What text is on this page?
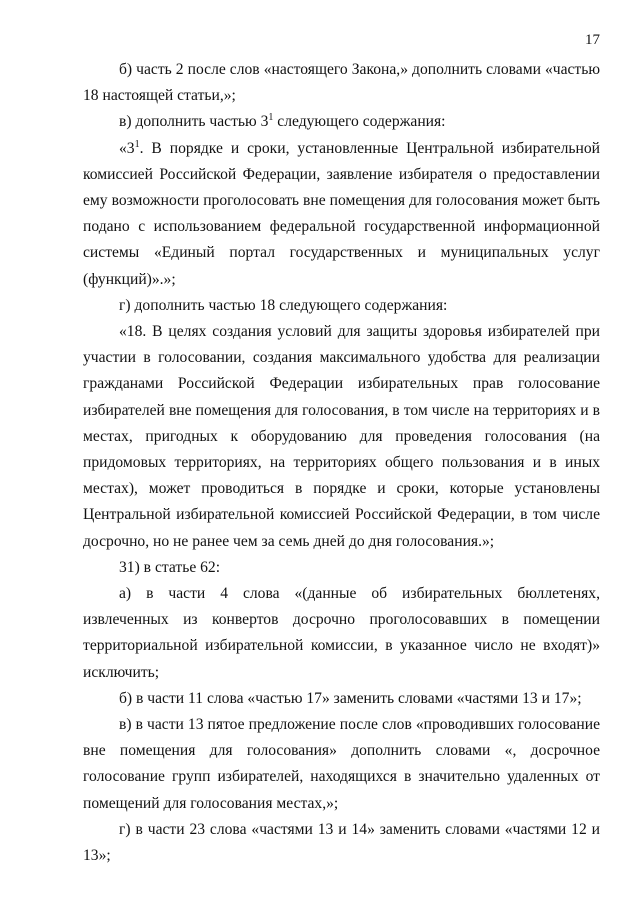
17

б) часть 2 после слов «настоящего Закона,» дополнить словами «частью 18 настоящей статьи,»;

в) дополнить частью $3^1$ следующего содержания:

«$3^1$. В порядке и сроки, установленные Центральной избирательной комиссией Российской Федерации, заявление избирателя о предоставлении ему возможности проголосовать вне помещения для голосования может быть подано с использованием федеральной государственной информационной системы «Единый портал государственных и муниципальных услуг (функций)».»;

г) дополнить частью 18 следующего содержания:

«18. В целях создания условий для защиты здоровья избирателей при участии в голосовании, создания максимального удобства для реализации гражданами Российской Федерации избирательных прав голосование избирателей вне помещения для голосования, в том числе на территориях и в местах, пригодных к оборудованию для проведения голосования (на придомовых территориях, на территориях общего пользования и в иных местах), может проводиться в порядке и сроки, которые установлены Центральной избирательной комиссией Российской Федерации, в том числе досрочно, но не ранее чем за семь дней до дня голосования.»;

31) в статье 62:

а) в части 4 слова «(данные об избирательных бюллетенях, извлеченных из конвертов досрочно проголосовавших в помещении территориальной избирательной комиссии, в указанное число не входят)» исключить;

б) в части 11 слова «частью 17» заменить словами «частями 13 и 17»;

в) в части 13 пятое предложение после слов «проводивших голосование вне помещения для голосования» дополнить словами «, досрочное голосование групп избирателей, находящихся в значительно удаленных от помещений для голосования местах,»;

г) в части 23 слова «частями 13 и 14» заменить словами «частями 12 и 13»;
